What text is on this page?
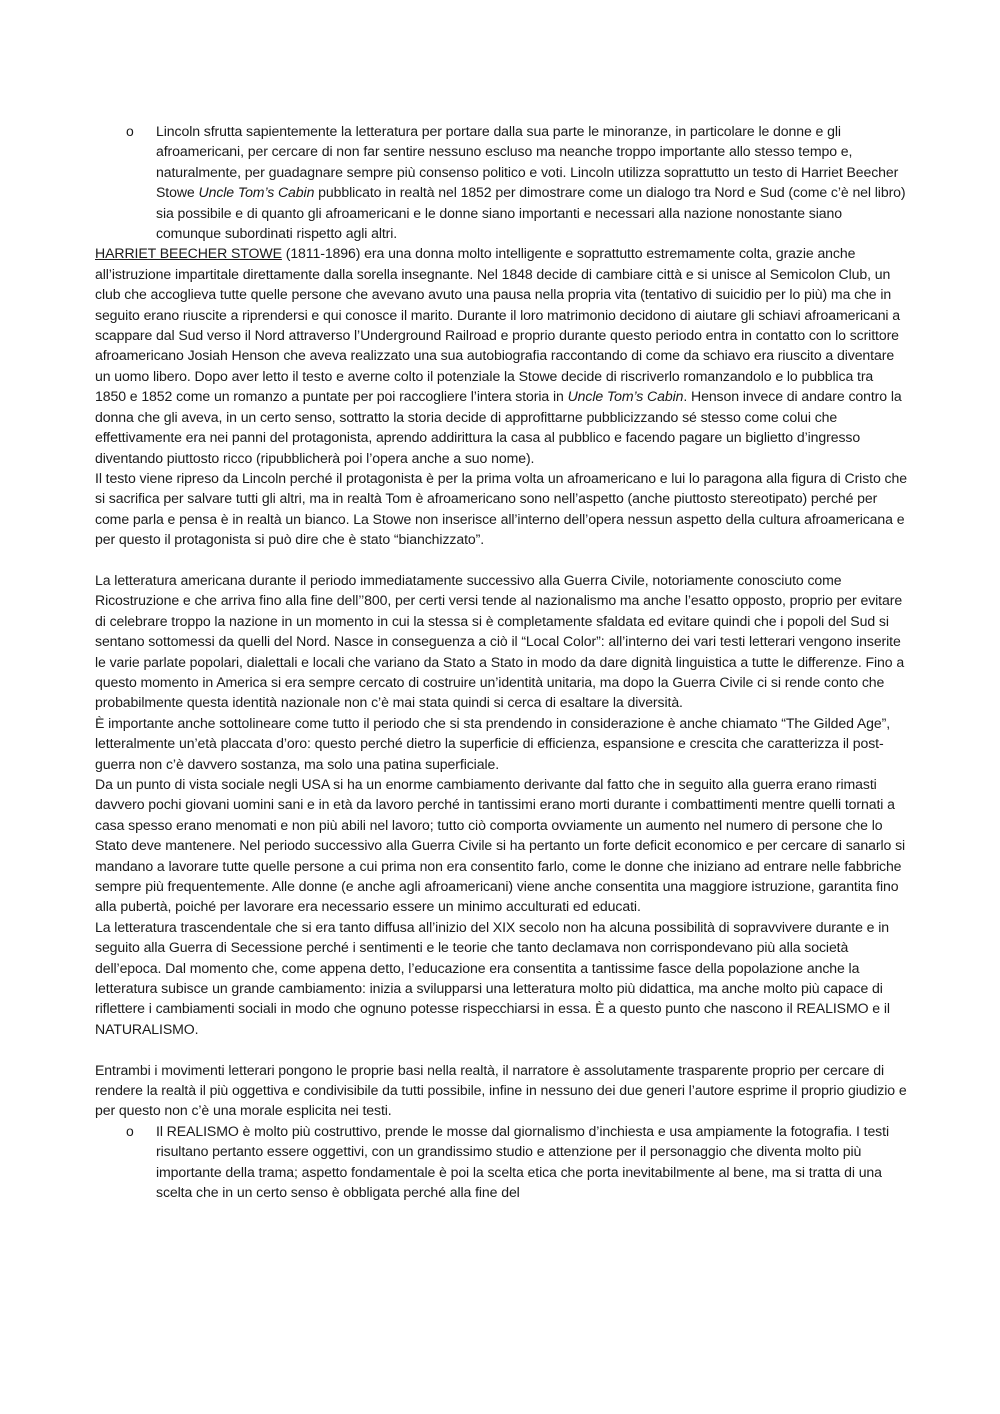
o Lincoln sfrutta sapientemente la letteratura per portare dalla sua parte le minoranze, in particolare le donne e gli afroamericani, per cercare di non far sentire nessuno escluso ma neanche troppo importante allo stesso tempo e, naturalmente, per guadagnare sempre più consenso politico e voti. Lincoln utilizza soprattutto un testo di Harriet Beecher Stowe Uncle Tom’s Cabin pubblicato in realtà nel 1852 per dimostrare come un dialogo tra Nord e Sud (come c’è nel libro) sia possibile e di quanto gli afroamericani e le donne siano importanti e necessari alla nazione nonostante siano comunque subordinati rispetto agli altri.

HARRIET BEECHER STOWE (1811-1896) era una donna molto intelligente e soprattutto estremamente colta, grazie anche all’istruzione impartitale direttamente dalla sorella insegnante. Nel 1848 decide di cambiare città e si unisce al Semicolon Club, un club che accoglieva tutte quelle persone che avevano avuto una pausa nella propria vita (tentativo di suicidio per lo più) ma che in seguito erano riuscite a riprendersi e qui conosce il marito. Durante il loro matrimonio decidono di aiutare gli schiavi afroamericani a scappare dal Sud verso il Nord attraverso l’Underground Railroad e proprio durante questo periodo entra in contatto con lo scrittore afroamericano Josiah Henson che aveva realizzato una sua autobiografia raccontando di come da schiavo era riuscito a diventare un uomo libero. Dopo aver letto il testo e averne colto il potenziale la Stowe decide di riscriverlo romanzandolo e lo pubblica tra 1850 e 1852 come un romanzo a puntate per poi raccogliere l’intera storia in Uncle Tom’s Cabin. Henson invece di andare contro la donna che gli aveva, in un certo senso, sottratto la storia decide di approfittarne pubblicizzando sé stesso come colui che effettivamente era nei panni del protagonista, aprendo addirittura la casa al pubblico e facendo pagare un biglietto d’ingresso diventando piuttosto ricco (ripubblicherà poi l’opera anche a suo nome).

Il testo viene ripreso da Lincoln perché il protagonista è per la prima volta un afroamericano e lui lo paragona alla figura di Cristo che si sacrifica per salvare tutti gli altri, ma in realtà Tom è afroamericano sono nell’aspetto (anche piuttosto stereotipato) perché per come parla e pensa è in realtà un bianco. La Stowe non inserisce all’interno dell’opera nessun aspetto della cultura afroamericana e per questo il protagonista si può dire che è stato “bianchizzato”.

La letteratura americana durante il periodo immediatamente successivo alla Guerra Civile, notoriamente conosciuto come Ricostruzione e che arriva fino alla fine dell’’800, per certi versi tende al nazionalismo ma anche l’esatto opposto, proprio per evitare di celebrare troppo la nazione in un momento in cui la stessa si è completamente sfaldata ed evitare quindi che i popoli del Sud si sentano sottomessi da quelli del Nord. Nasce in conseguenza a ciò il “Local Color”: all’interno dei vari testi letterari vengono inserite le varie parlate popolari, dialettali e locali che variano da Stato a Stato in modo da dare dignità linguistica a tutte le differenze. Fino a questo momento in America si era sempre cercato di costruire un’identità unitaria, ma dopo la Guerra Civile ci si rende conto che probabilmente questa identità nazionale non c’è mai stata quindi si cerca di esaltare la diversità.

È importante anche sottolineare come tutto il periodo che si sta prendendo in considerazione è anche chiamato “The Gilded Age”, letteralmente un’età placcata d’oro: questo perché dietro la superficie di efficienza, espansione e crescita che caratterizza il post-guerra non c’è davvero sostanza, ma solo una patina superficiale.

Da un punto di vista sociale negli USA si ha un enorme cambiamento derivante dal fatto che in seguito alla guerra erano rimasti davvero pochi giovani uomini sani e in età da lavoro perché in tantissimi erano morti durante i combattimenti mentre quelli tornati a casa spesso erano menomati e non più abili nel lavoro; tutto ciò comporta ovviamente un aumento nel numero di persone che lo Stato deve mantenere. Nel periodo successivo alla Guerra Civile si ha pertanto un forte deficit economico e per cercare di sanarlo si mandano a lavorare tutte quelle persone a cui prima non era consentito farlo, come le donne che iniziano ad entrare nelle fabbriche sempre più frequentemente. Alle donne (e anche agli afroamericani) viene anche consentita una maggiore istruzione, garantita fino alla pubertà, poiché per lavorare era necessario essere un minimo acculturati ed educati.

La letteratura trascendentale che si era tanto diffusa all’inizio del XIX secolo non ha alcuna possibilità di sopravvivere durante e in seguito alla Guerra di Secessione perché i sentimenti e le teorie che tanto declamava non corrispondevano più alla società dell’epoca. Dal momento che, come appena detto, l’educazione era consentita a tantissime fasce della popolazione anche la letteratura subisce un grande cambiamento: inizia a svilupparsi una letteratura molto più didattica, ma anche molto più capace di riflettere i cambiamenti sociali in modo che ognuno potesse rispecchiarsi in essa. È a questo punto che nascono il REALISMO e il NATURALISMO.

Entrambi i movimenti letterari pongono le proprie basi nella realtà, il narratore è assolutamente trasparente proprio per cercare di rendere la realtà il più oggettiva e condivisibile da tutti possibile, infine in nessuno dei due generi l’autore esprime il proprio giudizio e per questo non c’è una morale esplicita nei testi.

o Il REALISMO è molto più costruttivo, prende le mosse dal giornalismo d’inchiesta e usa ampiamente la fotografia. I testi risultano pertanto essere oggettivi, con un grandissimo studio e attenzione per il personaggio che diventa molto più importante della trama; aspetto fondamentale è poi la scelta etica che porta inevitabilmente al bene, ma si tratta di una scelta che in un certo senso è obbligata perché alla fine del
